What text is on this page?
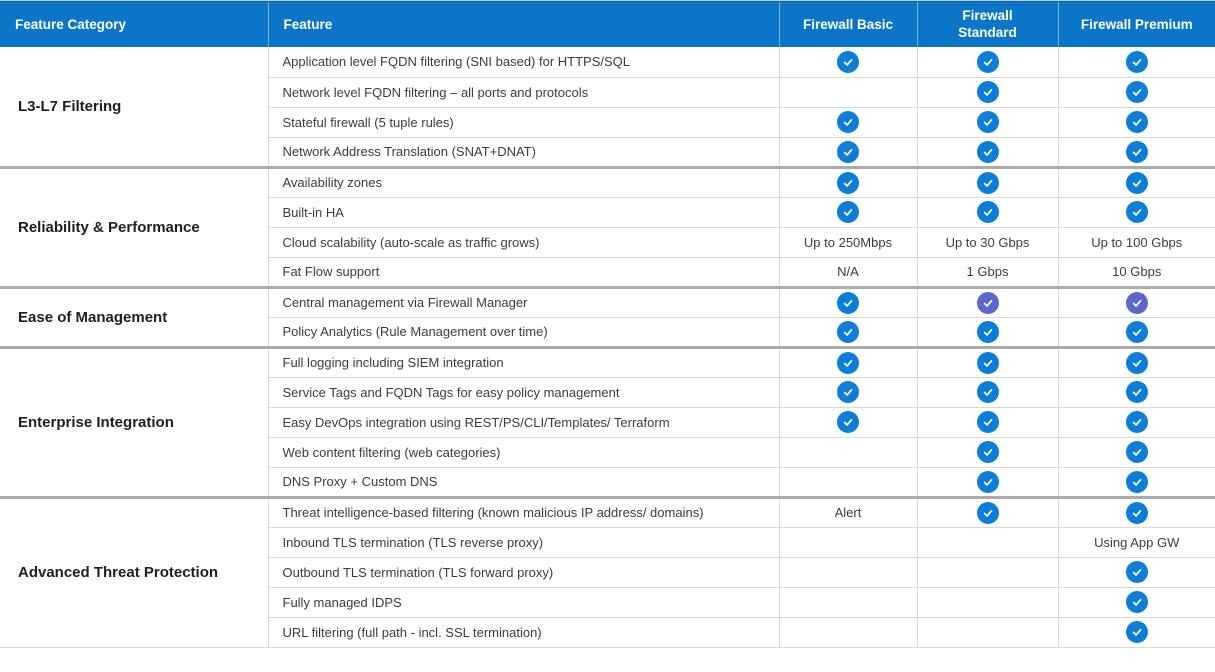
Feature Category	Feature	Firewall Basic	Firewall Standard	Firewall Premium
L3-L7 Filtering	Application level FQDN filtering (SNI based) for HTTPS/SQL	

	Network level FQDN filtering – all ports and protocols		

	Stateful firewall (5 tuple rules)	

	Network Address Translation (SNAT+DNAT)	

Reliability & Performance	Availability zones	

	Built-in HA	

	Cloud scalability (auto-scale as traffic grows)	Up to 250Mbps	Up to 30 Gbps	Up to 100 Gbps
	Fat Flow support	N/A	1 Gbps	10 Gbps
Ease of Management	Central management via Firewall Manager	

	Policy Analytics (Rule Management over time)	

Enterprise Integration	Full logging including SIEM integration	

	Service Tags and FQDN Tags for easy policy management	

	Easy DevOps integration using REST/PS/CLI/Templates/ Terraform	

	Web content filtering (web categories)		

	DNS Proxy + Custom DNS		

Advanced Threat Protection	Threat intelligence-based filtering (known malicious IP address/ domains)	Alert	

	Inbound TLS termination (TLS reverse proxy)			Using App GW
	Outbound TLS termination (TLS forward proxy)			

	Fully managed IDPS			

	URL filtering (full path - incl. SSL termination)			
